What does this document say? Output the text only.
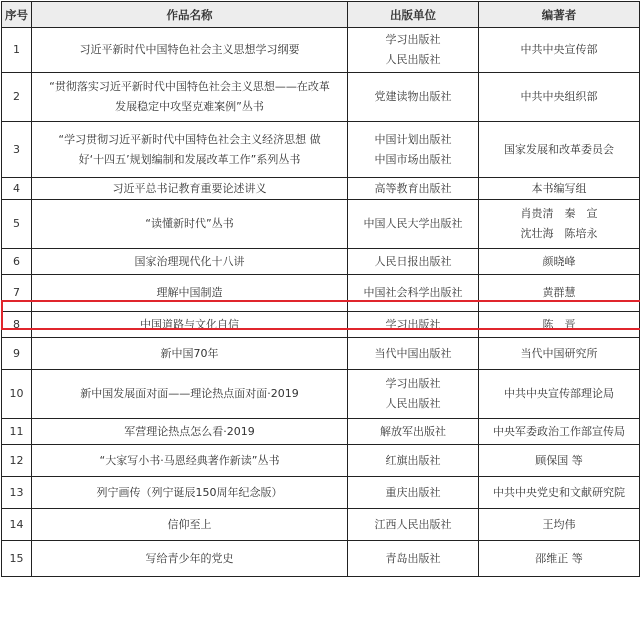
序号	作品名称	出版单位	编著者
1	习近平新时代中国特色社会主义思想学习纲要	学习出版社
人民出版社	中共中央宣传部

2	“贯彻落实习近平新时代中国特色社会主义思想——在改革
发展稳定中攻坚克难案例”丛书	党建读物出版社	中共中央组织部

3	“学习贯彻习近平新时代中国特色社会主义经济思想 做
好‘十四五’规划编制和发展改革工作”系列丛书	中国计划出版社
中国市场出版社	国家发展和改革委员会

4	习近平总书记教育重要论述讲义	高等教育出版社	本书编写组

5	“读懂新时代”丛书	中国人民大学出版社	肖贵清　秦　宣
沈壮海　陈培永

6	国家治理现代化十八讲	人民日报出版社	颜晓峰

7	理解中国制造	中国社会科学出版社	黄群慧

8	中国道路与文化自信	学习出版社	陈　晋

9	新中国70年	当代中国出版社	当代中国研究所

10	新中国发展面对面——理论热点面对面·2019	学习出版社
人民出版社	中共中央宣传部理论局

11	军营理论热点怎么看·2019	解放军出版社	中央军委政治工作部宣传局

12	“大家写小书·马恩经典著作新读”丛书	红旗出版社	顾保国 等

13	列宁画传（列宁诞辰150周年纪念版）	重庆出版社	中共中央党史和文献研究院

14	信仰至上	江西人民出版社	王均伟

15	写给青少年的党史	青岛出版社	邵维正 等
